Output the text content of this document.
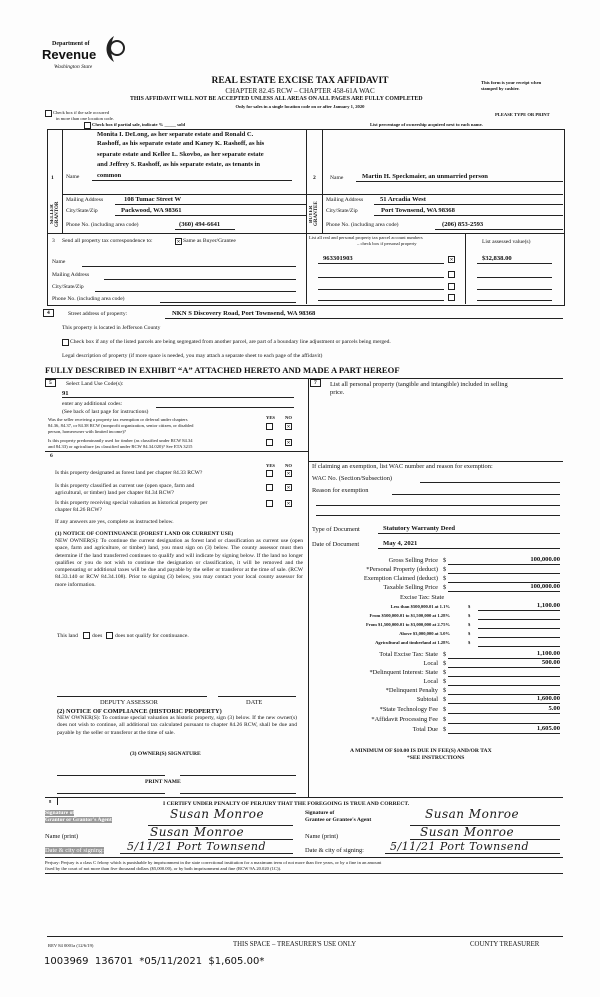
Department of
Revenue
Washington State
REAL ESTATE EXCISE TAX AFFIDAVIT
CHAPTER 82.45 RCW – CHAPTER 458-61A WAC
THIS AFFIDAVIT WILL NOT BE ACCEPTED UNLESS ALL AREAS ON ALL PAGES ARE FULLY COMPLETED
Only for sales in a single location code on or after January 1, 2020
This form is your receipt when
stamped by cashier.
Check box if the sale occurred
in more than one location code.
PLEASE TYPE OR PRINT
Check box if partial sale, indicate % _____ sold	List percentage of ownership acquired next to each name.
SELLER GRANTOR	BUYER GRANTEE
1
Monita I. DeLong, as her separate estate and Ronald C.
Rashoff, as his separate estate and Kaney K. Rashoff, as his
separate estate and Kellee L. Skovbo, as her separate estate
and Jeffrey S. Rashoff, as his separate estate, as tenants in
Name	common
Mailing Address	108 Tumac Street W
City/State/Zip	Packwood, WA 98361
Phone No. (including area code)	(360) 494-6641
2	Name	Martin H. Speckmaier, an unmarried person
Mailing Address	51 Arcadia West
City/State/Zip	Port Townsend, WA 98368
Phone No. (including area code)	(206) 853-2593
3 Send all property tax correspondence to: ✕	Same as Buyer/Grantee
Name
Mailing Address
City/State/Zip
Phone No. (including area code)
List all real and personal property tax parcel account numbers
– check box if personal property	List assessed value(s)
963301903 ✕	$32,838.00
4	Street address of property:	NKN S Discovery Road, Port Townsend, WA 98368
This property is located in Jefferson County
Check box if any of the listed parcels are being segregated from another parcel, are part of a boundary line adjustment or parcels being merged.
Legal description of property (if more space is needed, you may attach a separate sheet to each page of the affidavit)
FULLY DESCRIBED IN EXHIBIT “A” ATTACHED HERETO AND MADE A PART HEREOF
5	Select Land Use Code(s):
91
enter any additional codes:
(See back of last page for instructions)
YES NO
Was the seller receiving a property tax exemption or deferral under chapters
84.36, 84.37, or 84.38 RCW (nonprofit organization, senior citizen, or disabled
person, homeowner with limited income)?
✕
Is this property predominantly used for timber (as classified under RCW 84.34
and 84.33) or agriculture (as classified under RCW 84.34.020)? See ETA 3215
✕
6
YES NO
Is this property designated as forest land per chapter 84.33 RCW?
✕
Is this property classified as current use (open space, farm and
agricultural, or timber) land per chapter 84.34 RCW?
✕
Is this property receiving special valuation as historical property per
chapter 84.26 RCW?
✕
If any answers are yes, complete as instructed below.
(1) NOTICE OF CONTINUANCE (FOREST LAND OR CURRENT USE)
NEW OWNER(S): To continue the current designation as forest land or classification as current use (open space, farm and agriculture, or timber) land, you must sign on (3) below. The county assessor must then determine if the land transferred continues to qualify and will indicate by signing below. If the land no longer qualifies or you do not wish to continue the designation or classification, it will be removed and the compensating or additional taxes will be due and payable by the seller or transferor at the time of sale. (RCW 84.33.140 or RCW 84.34.108). Prior to signing (3) below, you may contact your local county assessor for more information.
This land	does does not qualify for continuance.
DEPUTY ASSESSOR	DATE
(2) NOTICE OF COMPLIANCE (HISTORIC PROPERTY)
NEW OWNER(S): To continue special valuation as historic property, sign (3) below. If the new owner(s) does not wish to continue, all additional tax calculated pursuant to chapter 84.26 RCW, shall be due and payable by the seller or transferor at the time of sale.
(3) OWNER(S) SIGNATURE
PRINT NAME
7	List all personal property (tangible and intangible) included in selling
price.
If claiming an exemption, list WAC number and reason for exemption:
WAC No. (Section/Subsection)
Reason for exemption
Type of Document	Statutory Warranty Deed
Date of Document	May 4, 2021
Gross Selling Price $	100,000.00
*Personal Property (deduct) $
Exemption Claimed (deduct) $
Taxable Selling Price $	100,000.00
Excise Tax: State
Less than $500,000.01 at 1.1%	$	1,100.00
From $500,000.01 to $1,500,000 at 1.28%	$
From $1,500,000.01 to $3,000,000 at 2.75%	$
Above $3,000,000 at 3.0%	$
Agricultural and timberland at 1.28%	$
Total Excise Tax: State $	1,100.00
Local $	500.00
*Delinquent Interest: State $
Local $
*Delinquent Penalty $
Subtotal $	1,600.00
*State Technology Fee $	5.00
*Affidavit Processing Fee $
Total Due $	1,605.00
A MINIMUM OF $10.00 IS DUE IN FEE(S) AND/OR TAX
*SEE INSTRUCTIONS
8	I CERTIFY UNDER PENALTY OF PERJURY THAT THE FOREGOING IS TRUE AND CORRECT.
Signature of
Grantor or Grantor's Agent	Susan Monroe
Name (print)	Susan Monroe
Date & city of signing: 5/11/21 Port Townsend
Signature of
Grantee or Grantee's Agent	Susan Monroe
Name (print)	Susan Monroe
Date & city of signing: 5/11/21 Port Townsend
Perjury: Perjury is a class C felony which is punishable by imprisonment in the state correctional institution for a maximum term of not more than five years, or by a fine in an amount
fixed by the court of not more than five thousand dollars ($5,000.00), or by both imprisonment and fine (RCW 9A.20.020 (1C)).
REV 84 0001a (12/6/19)	THIS SPACE – TREASURER'S USE ONLY	COUNTY TREASURER
1003969  136701  *05/11/2021  $1,605.00*
